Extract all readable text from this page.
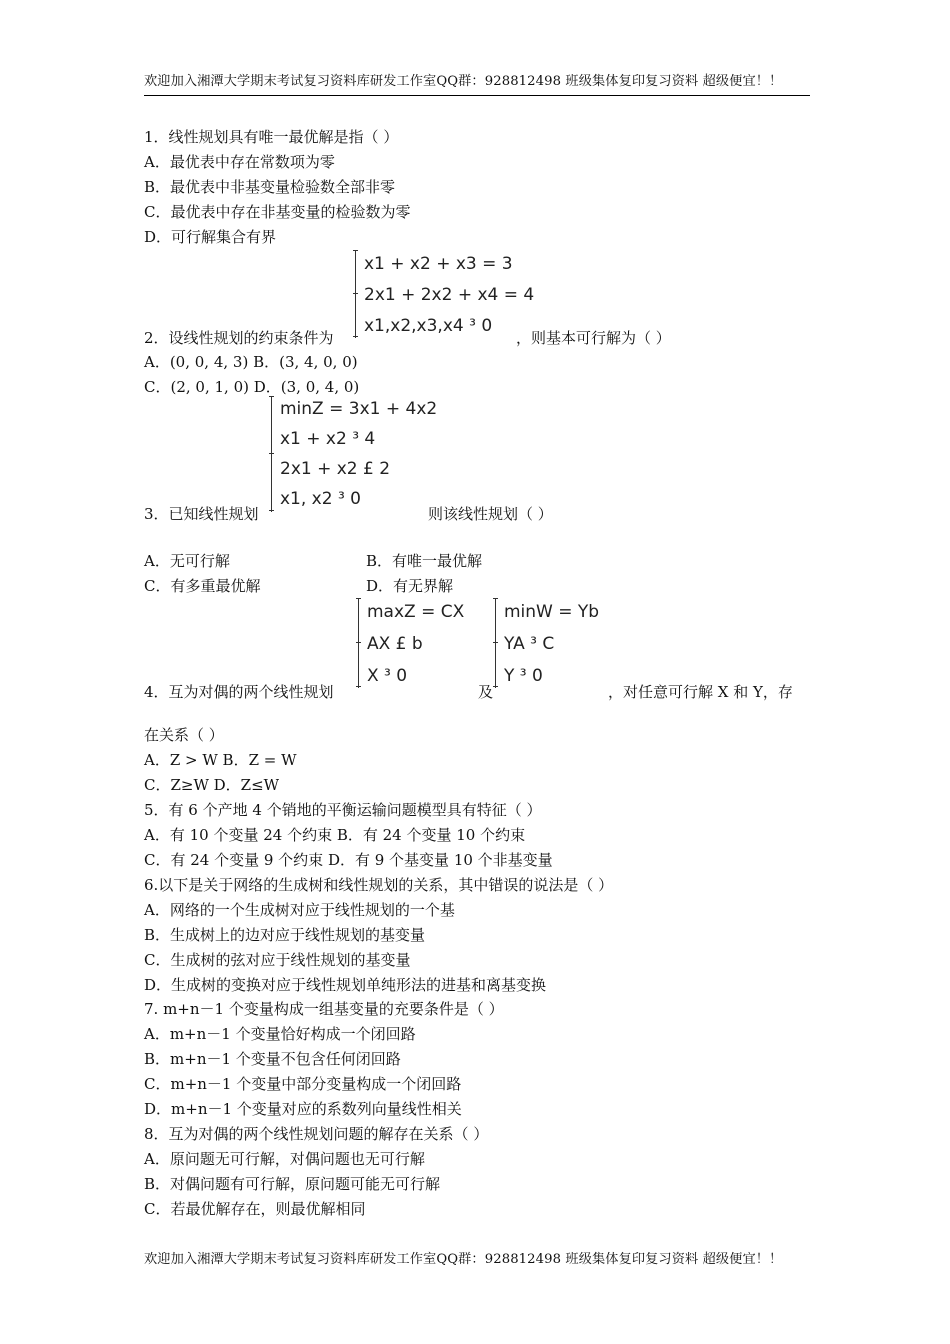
欢迎加入湘潭大学期末考试复习资料库研发工作室QQ群：928812498 班级集体复印复习资料 超级便宜！！
1．线性规划具有唯一最优解是指（ ）
A．最优表中存在常数项为零
B．最优表中非基变量检验数全部非零
C．最优表中存在非基变量的检验数为零
D．可行解集合有界
x1 + x2 + x3 = 3
2x1 + 2x2 + x4 = 4
x1,x2,x3,x4 ³ 0
2．设线性规划的约束条件为	，则基本可行解为（ ）
A．(0, 0, 4, 3) B．(3, 4, 0, 0)
C．(2, 0, 1, 0) D．(3, 0, 4, 0)
minZ = 3x1 + 4x2
x1 + x2 ³ 4
2x1 + x2 £ 2
x1, x2 ³ 0
3．已知线性规划	则该线性规划（ ）
A．无可行解	B．有唯一最优解
C．有多重最优解	D．有无界解
maxZ = CX
AX £ b
X ³ 0
minW = Yb
YA ³ C
Y ³ 0
4．互为对偶的两个线性规划	及	，对任意可行解 X 和 Y，存
在关系（ ）
A．Z > W B．Z = W
C．Z≥W D．Z≤W
5．有 6 个产地 4 个销地的平衡运输问题模型具有特征（ ）
A．有 10 个变量 24 个约束 B．有 24 个变量 10 个约束
C．有 24 个变量 9 个约束 D．有 9 个基变量 10 个非基变量
6.以下是关于网络的生成树和线性规划的关系，其中错误的说法是（ ）
A．网络的一个生成树对应于线性规划的一个基
B．生成树上的边对应于线性规划的基变量
C．生成树的弦对应于线性规划的基变量
D．生成树的变换对应于线性规划单纯形法的进基和离基变换
7. m+n－1 个变量构成一组基变量的充要条件是（ ）
A．m+n－1 个变量恰好构成一个闭回路
B．m+n－1 个变量不包含任何闭回路
C．m+n－1 个变量中部分变量构成一个闭回路
D．m+n－1 个变量对应的系数列向量线性相关
8．互为对偶的两个线性规划问题的解存在关系（ ）
A．原问题无可行解，对偶问题也无可行解
B．对偶问题有可行解，原问题可能无可行解
C．若最优解存在，则最优解相同
欢迎加入湘潭大学期末考试复习资料库研发工作室QQ群：928812498 班级集体复印复习资料 超级便宜！！
